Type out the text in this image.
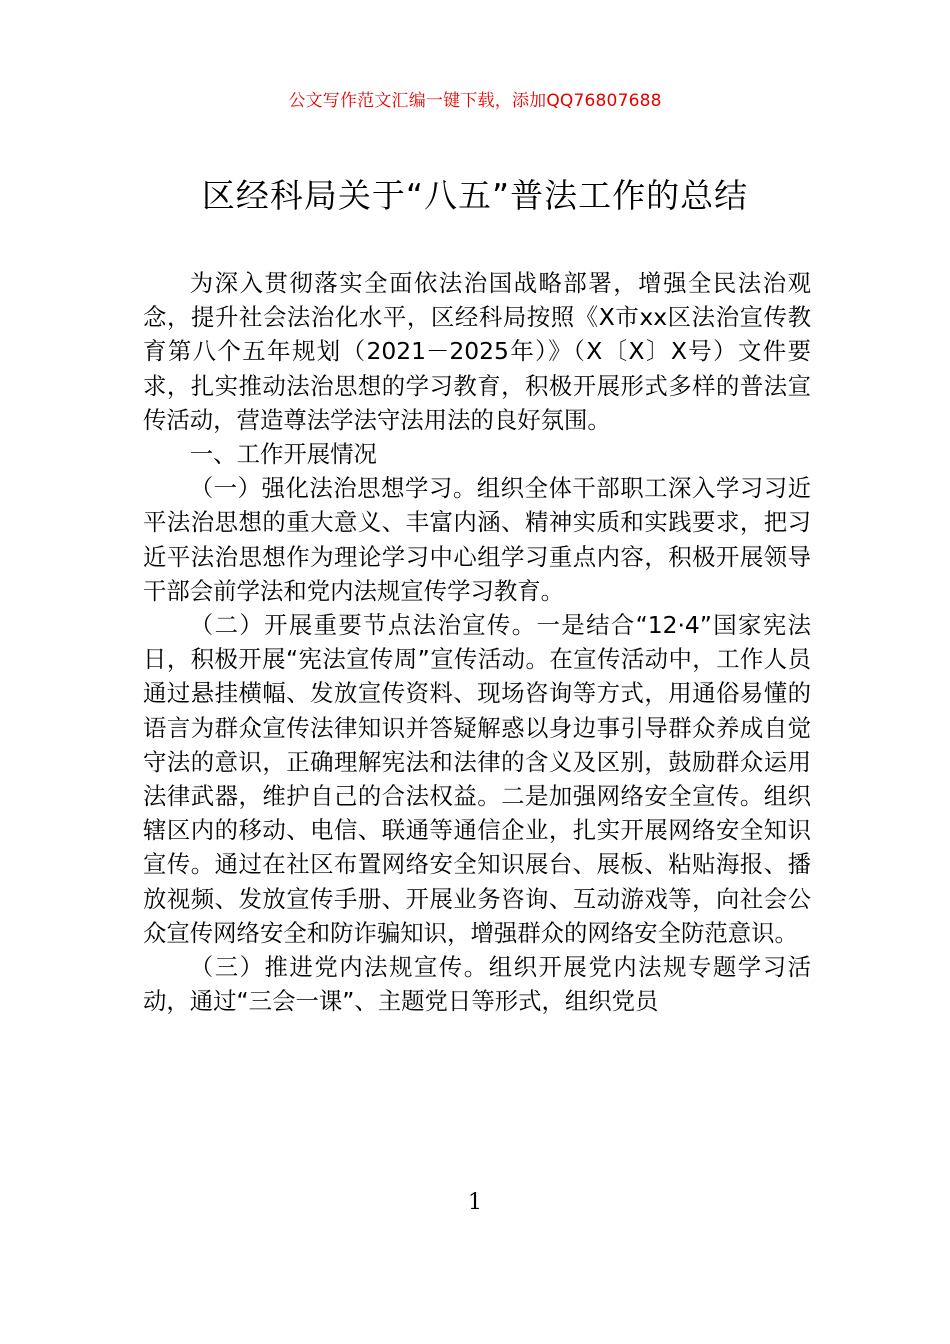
公文写作范文汇编一键下载，添加QQ76807688
区经科局关于“八五”普法工作的总结

为深入贯彻落实全面依法治国战略部署，增强全民法治观念，提升社会法治化水平，区经科局按照《X市xx区法治宣传教育第八个五年规划（2021－2025年）》（X〔X〕X号）文件要求，扎实推动法治思想的学习教育，积极开展形式多样的普法宣传活动，营造尊法学法守法用法的良好氛围。

一、工作开展情况

（一）强化法治思想学习。组织全体干部职工深入学习习近平法治思想的重大意义、丰富内涵、精神实质和实践要求，把习近平法治思想作为理论学习中心组学习重点内容，积极开展领导干部会前学法和党内法规宣传学习教育。

（二）开展重要节点法治宣传。一是结合“12·4”国家宪法日，积极开展“宪法宣传周”宣传活动。在宣传活动中，工作人员通过悬挂横幅、发放宣传资料、现场咨询等方式，用通俗易懂的语言为群众宣传法律知识并答疑解惑以身边事引导群众养成自觉守法的意识，正确理解宪法和法律的含义及区别，鼓励群众运用法律武器，维护自己的合法权益。二是加强网络安全宣传。组织辖区内的移动、电信、联通等通信企业，扎实开展网络安全知识宣传。通过在社区布置网络安全知识展台、展板、粘贴海报、播放视频、发放宣传手册、开展业务咨询、互动游戏等，向社会公众宣传网络安全和防诈骗知识，增强群众的网络安全防范意识。

（三）推进党内法规宣传。组织开展党内法规专题学习活动，通过“三会一课”、主题党日等形式，组织党员

1
